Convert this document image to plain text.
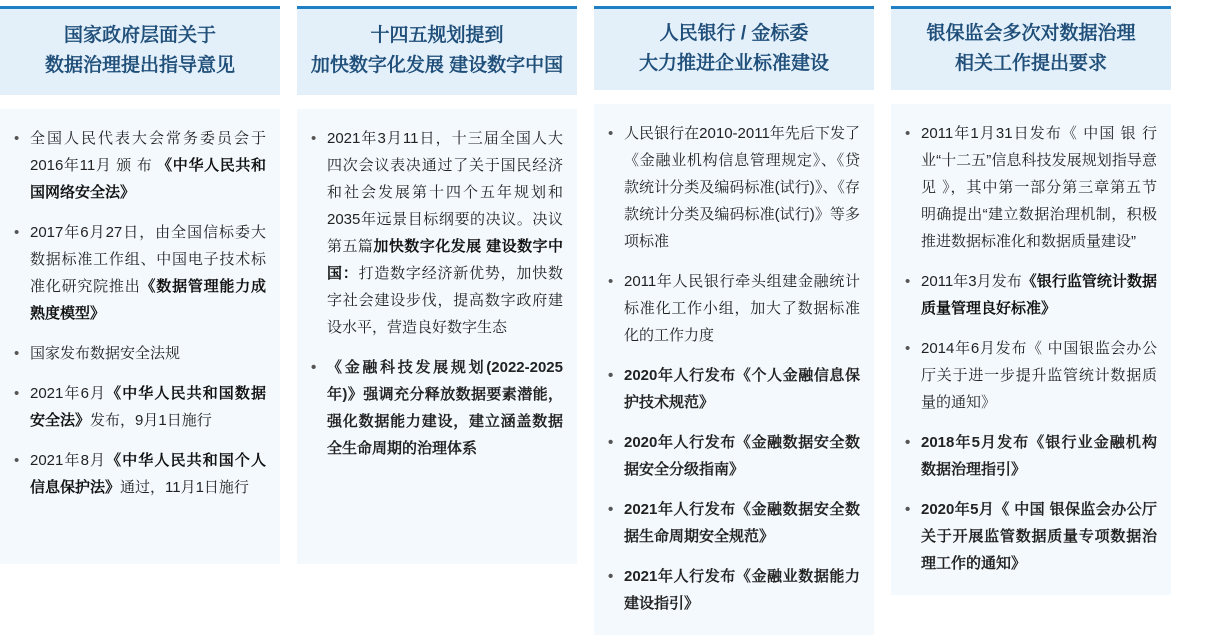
国家政府层面关于
数据治理提出指导意见
• 全国人民代表大会常务委员会于2016年11月 颁 布 《中华人民共和国网络安全法》
• 2017年6月27日，由全国信标委大数据标准工作组、中国电子技术标准化研究院推出《数据管理能力成熟度模型》
• 国家发布数据安全法规
• 2021年6月《中华人民共和国数据安全法》发布，9月1日施行
• 2021年8月《中华人民共和国个人信息保护法》通过，11月1日施行
十四五规划提到
加快数字化发展 建设数字中国
• 2021年3月11日，十三届全国人大四次会议表决通过了关于国民经济和社会发展第十四个五年规划和2035年远景目标纲要的决议。决议第五篇加快数字化发展 建设数字中国：打造数字经济新优势，加快数字社会建设步伐，提高数字政府建设水平，营造良好数字生态
• 《金融科技发展规划(2022-2025年)》强调充分释放数据要素潜能，强化数据能力建设，建立涵盖数据全生命周期的治理体系
人民银行 / 金标委
大力推进企业标准建设
• 人民银行在2010-2011年先后下发了《金融业机构信息管理规定》、《贷款统计分类及编码标准(试行)》、《存款统计分类及编码标准(试行)》等多项标准
• 2011年人民银行牵头组建金融统计标准化工作小组，加大了数据标准化的工作力度
• 2020年人行发布《个人金融信息保护技术规范》
• 2020年人行发布《金融数据安全数据安全分级指南》
• 2021年人行发布《金融数据安全数据生命周期安全规范》
• 2021年人行发布《金融业数据能力建设指引》
银保监会多次对数据治理
相关工作提出要求
• 2011年1月31日发布《 中国 银 行业“十二五”信息科技发展规划指导意见 》，其中第一部分第三章第五节明确提出“建立数据治理机制，积极推进数据标准化和数据质量建设”
• 2011年3月发布《银行监管统计数据质量管理良好标准》
• 2014年6月发布《 中国银监会办公厅关于进一步提升监管统计数据质量的通知》
• 2018年5月发布《银行业金融机构数据治理指引》
• 2020年5月《 中国 银保监会办公厅关于开展监管数据质量专项数据治理工作的通知》
